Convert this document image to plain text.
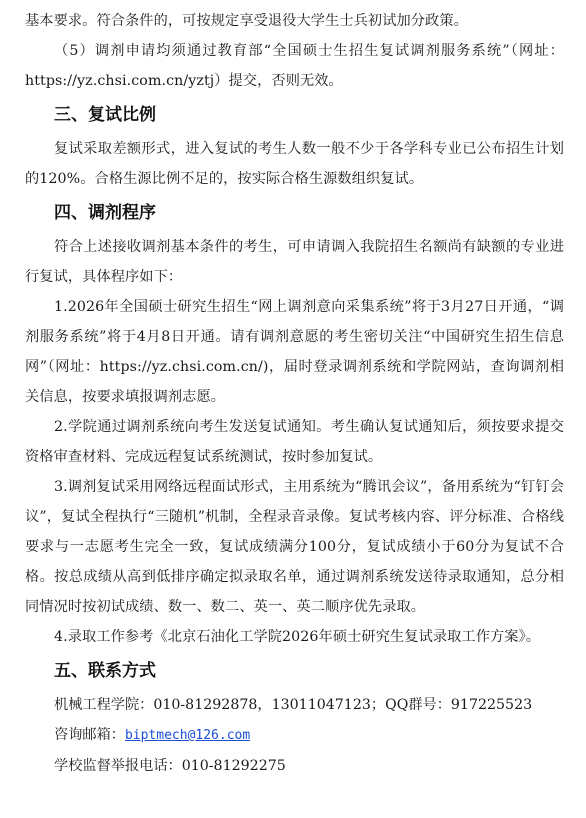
基本要求。符合条件的，可按规定享受退役大学生士兵初试加分政策。

（5）调剂申请均须通过教育部“全国硕士生招生复试调剂服务系统”（网址：https://yz.chsi.com.cn/yztj）提交，否则无效。

三、复试比例

复试采取差额形式，进入复试的考生人数一般不少于各学科专业已公布招生计划的120%。合格生源比例不足的，按实际合格生源数组织复试。

四、调剂程序

符合上述接收调剂基本条件的考生，可申请调入我院招生名额尚有缺额的专业进行复试，具体程序如下：

1.2026年全国硕士研究生招生“网上调剂意向采集系统”将于3月27日开通，“调剂服务系统”将于4月8日开通。请有调剂意愿的考生密切关注“中国研究生招生信息网”（网址：https://yz.chsi.com.cn/)，届时登录调剂系统和学院网站，查询调剂相关信息，按要求填报调剂志愿。

2.学院通过调剂系统向考生发送复试通知。考生确认复试通知后，须按要求提交资格审查材料、完成远程复试系统测试，按时参加复试。

3.调剂复试采用网络远程面试形式，主用系统为“腾讯会议”，备用系统为“钉钉会议”，复试全程执行“三随机”机制，全程录音录像。复试考核内容、评分标准、合格线要求与一志愿考生完全一致，复试成绩满分100分，复试成绩小于60分为复试不合格。按总成绩从高到低排序确定拟录取名单，通过调剂系统发送待录取通知，总分相同情况时按初试成绩、数一、数二、英一、英二顺序优先录取。

4.录取工作参考《北京石油化工学院2026年硕士研究生复试录取工作方案》。

五、联系方式

机械工程学院：010-81292878，13011047123；QQ群号：917225523

咨询邮箱：biptmech@126.com

学校监督举报电话：010-81292275
